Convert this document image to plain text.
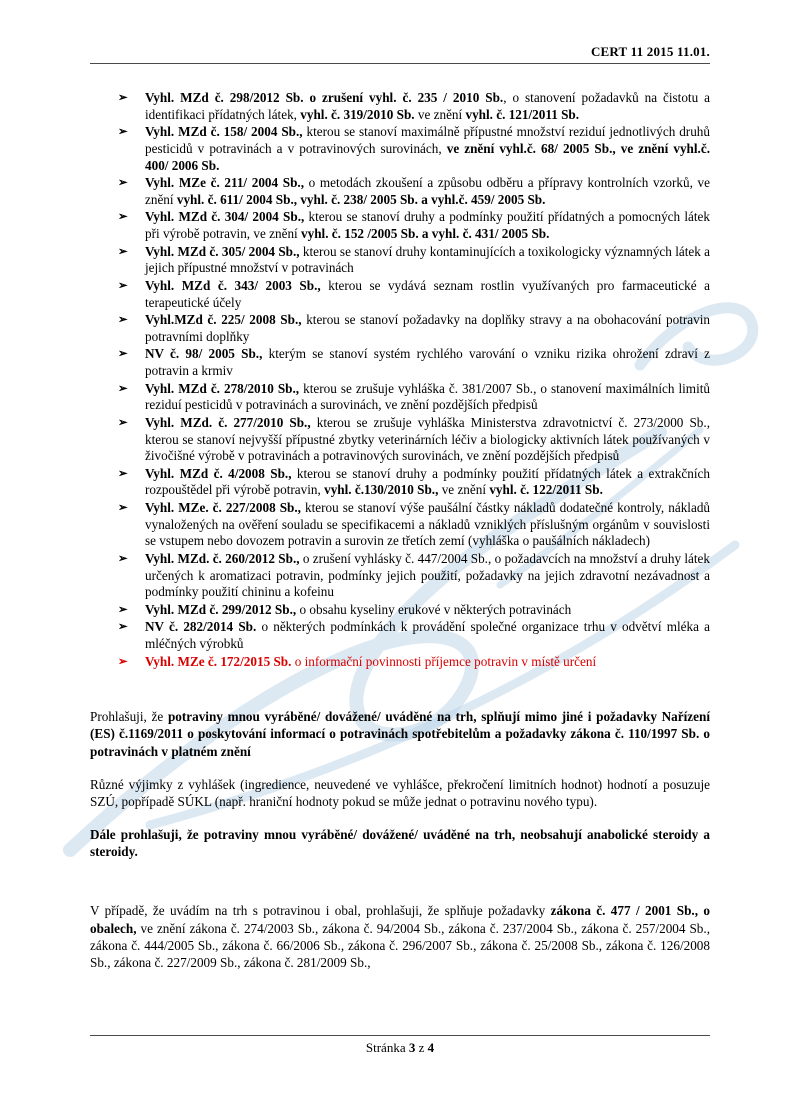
CERT 11 2015 11.01.
➢	Vyhl. MZd č. 298/2012 Sb. o zrušení vyhl. č. 235 / 2010 Sb., o stanovení požadavků na čistotu a identifikaci přídatných látek, vyhl. č. 319/2010 Sb. ve znění vyhl. č. 121/2011 Sb.
➢	Vyhl. MZd č. 158/ 2004 Sb., kterou se stanoví maximálně přípustné množství reziduí jednotlivých druhů pesticidů v potravinách a v potravinových surovinách, ve znění vyhl.č. 68/ 2005 Sb., ve znění vyhl.č. 400/ 2006 Sb.
➢	Vyhl. MZe č. 211/ 2004 Sb., o metodách zkoušení a způsobu odběru a přípravy kontrolních vzorků, ve znění vyhl. č. 611/ 2004 Sb., vyhl. č. 238/ 2005 Sb. a vyhl.č. 459/ 2005 Sb.
➢	Vyhl. MZd č. 304/ 2004 Sb., kterou se stanoví druhy a podmínky použití přídatných a pomocných látek při výrobě potravin, ve znění vyhl. č. 152 /2005 Sb. a vyhl. č. 431/ 2005 Sb.
➢	Vyhl. MZd č. 305/ 2004 Sb., kterou se stanoví druhy kontaminujících a toxikologicky významných látek a jejich přípustné množství v potravinách
➢	Vyhl. MZd č. 343/ 2003 Sb., kterou se vydává seznam rostlin využívaných pro farmaceutické a terapeutické účely
➢	Vyhl.MZd č. 225/ 2008 Sb., kterou se stanoví požadavky na doplňky stravy a na obohacování potravin potravními doplňky
➢	NV č. 98/ 2005 Sb., kterým se stanoví systém rychlého varování o vzniku rizika ohrožení zdraví z potravin a krmiv
➢	Vyhl. MZd č. 278/2010 Sb., kterou se zrušuje vyhláška č. 381/2007 Sb., o stanovení maximálních limitů reziduí pesticidů v potravinách a surovinách, ve znění pozdějších předpisů
➢	Vyhl. MZd. č. 277/2010 Sb., kterou se zrušuje vyhláška Ministerstva zdravotnictví č. 273/2000 Sb., kterou se stanoví nejvyšší přípustné zbytky veterinárních léčiv a biologicky aktivních látek používaných v živočišné výrobě v potravinách a potravinových surovinách, ve znění pozdějších předpisů
➢	Vyhl. MZd č. 4/2008 Sb., kterou se stanoví druhy a podmínky použití přídatných látek a extrakčních rozpouštědel při výrobě potravin, vyhl. č.130/2010 Sb., ve znění vyhl. č. 122/2011 Sb.
➢	Vyhl. MZe. č. 227/2008 Sb., kterou se stanoví výše paušální částky nákladů dodatečné kontroly, nákladů vynaložených na ověření souladu se specifikacemi a nákladů vzniklých příslušným orgánům v souvislosti se vstupem nebo dovozem potravin a surovin ze třetích zemí (vyhláška o paušálních nákladech)
➢	Vyhl. MZd. č. 260/2012 Sb., o zrušení vyhlásky č. 447/2004 Sb., o požadavcích na množství a druhy látek určených k aromatizaci potravin, podmínky jejich použití, požadavky na jejich zdravotní nezávadnost a podmínky použití chininu a kofeinu
➢	Vyhl. MZd č. 299/2012 Sb., o obsahu kyseliny erukové v některých potravinách
➢	NV č. 282/2014 Sb. o některých podmínkách k provádění společné organizace trhu v odvětví mléka a mléčných výrobků
➢	Vyhl. MZe č. 172/2015 Sb. o informační povinnosti příjemce potravin v místě určení

Prohlašuji, že potraviny mnou vyráběné/ dovážené/ uváděné na trh, splňují mimo jiné i požadavky Nařízení (ES) č.1169/2011 o poskytování informací o potravinách spotřebitelům a požadavky zákona č. 110/1997 Sb. o potravinách v platném znění

Různé výjimky z vyhlášek (ingredience, neuvedené ve vyhlášce, překročení limitních hodnot) hodnotí a posuzuje SZÚ, popřípadě SÚKL (např. hraniční hodnoty pokud se může jednat o potravinu nového typu).

Dále prohlašuji, že potraviny mnou vyráběné/ dovážené/ uváděné na trh, neobsahují anabolické steroidy a steroidy.

V případě, že uvádím na trh s potravinou i obal, prohlašuji, že splňuje požadavky zákona č. 477 / 2001 Sb., o obalech, ve znění zákona č. 274/2003 Sb., zákona č. 94/2004 Sb., zákona č. 237/2004 Sb., zákona č. 257/2004 Sb., zákona č. 444/2005 Sb., zákona č. 66/2006 Sb., zákona č. 296/2007 Sb., zákona č. 25/2008 Sb., zákona č. 126/2008 Sb., zákona č. 227/2009 Sb., zákona č. 281/2009 Sb.,

Stránka 3 z 4
